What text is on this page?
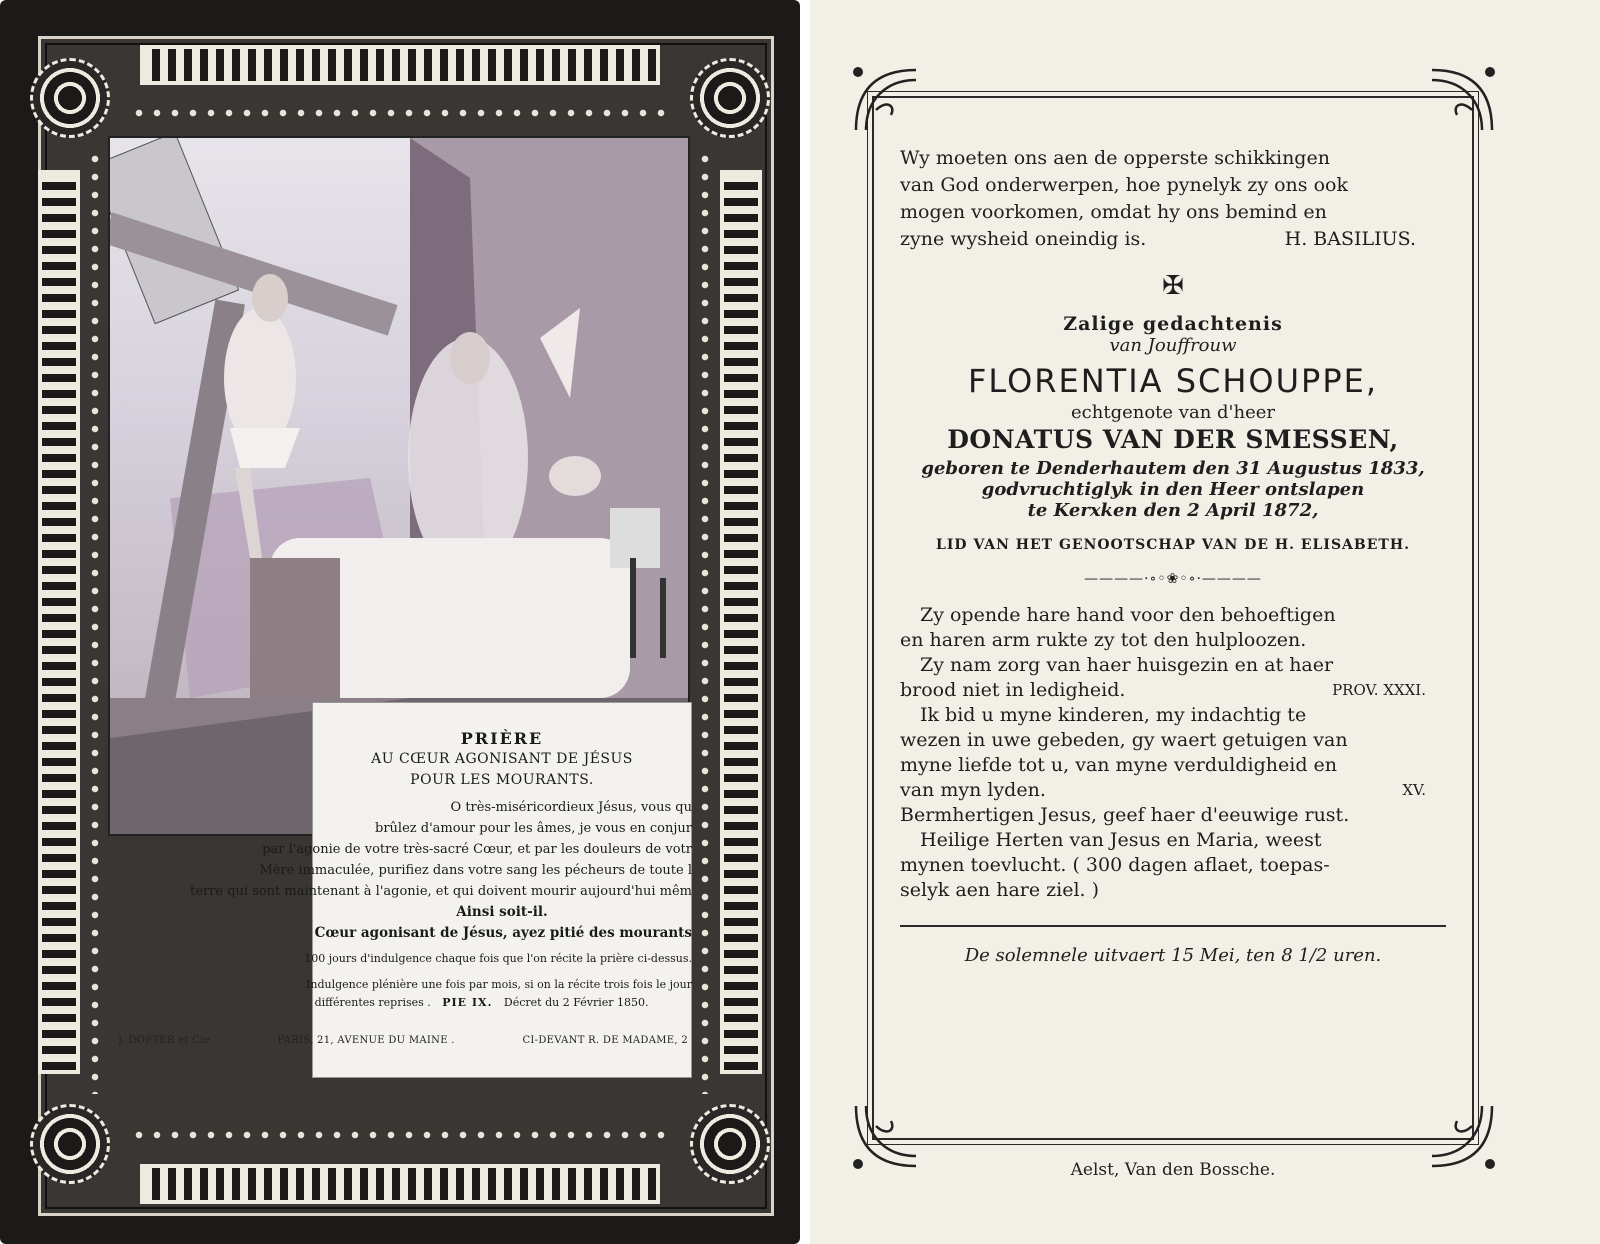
PRIÈRE
AU CŒUR AGONISANT DE JÉSUS
POUR LES MOURANTS.
O très-miséricordieux Jésus, vous qu
brûlez d'amour pour les âmes, je vous en conjur
par l'agonie de votre très-sacré Cœur, et par les douleurs de votr
Mère immaculée, purifiez dans votre sang les pécheurs de toute l
terre qui sont maintenant à l'agonie, et qui doivent mourir aujourd'hui mêm
Ainsi soit-il.
Cœur agonisant de Jésus, ayez pitié des mourants
100 jours d'indulgence chaque fois que l'on récite la prière ci-dessus.
Indulgence plénière une fois par mois, si on la récite trois fois le jour
différentes reprises . PIE IX. Décret du 2 Février 1850.
J. DOPTER et Cie	PARIS, 21, AVENUE DU MAINE .	CI-DEVANT R. DE MADAME, 2
Wy moeten ons aen de opperste schikkingen
van God onderwerpen, hoe pynelyk zy ons ook
mogen voorkomen, omdat hy ons bemind en
zyne wysheid oneindig is.	H. BASILIUS.
✠
Zalige gedachtenis
van Jouffrouw
FLORENTIA SCHOUPPE,
echtgenote van d'heer
DONATUS VAN DER SMESSEN,
geboren te Denderhautem den 31 Augustus 1833,
godvruchtiglyk in den Heer ontslapen
te Kerxken den 2 April 1872,
LID VAN HET GENOOTSCHAP VAN DE H. ELISABETH.
————·∘◦❀◦∘·————
Zy opende hare hand voor den behoeftigen
en haren arm rukte zy tot den hulploozen.
Zy nam zorg van haer huisgezin en at haer
brood niet in ledigheid.	PROV. XXXI.
Ik bid u myne kinderen, my indachtig te
wezen in uwe gebeden, gy waert getuigen van
myne liefde tot u, van myne verduldigheid en
van myn lyden.	XV.
Bermhertigen Jesus, geef haer d'eeuwige rust.
Heilige Herten van Jesus en Maria, weest
mynen toevlucht. ( 300 dagen aflaet, toepas-
selyk aen hare ziel. )
De solemnele uitvaert 15 Mei, ten 8 1/2 uren.
Aelst, Van den Bossche.
